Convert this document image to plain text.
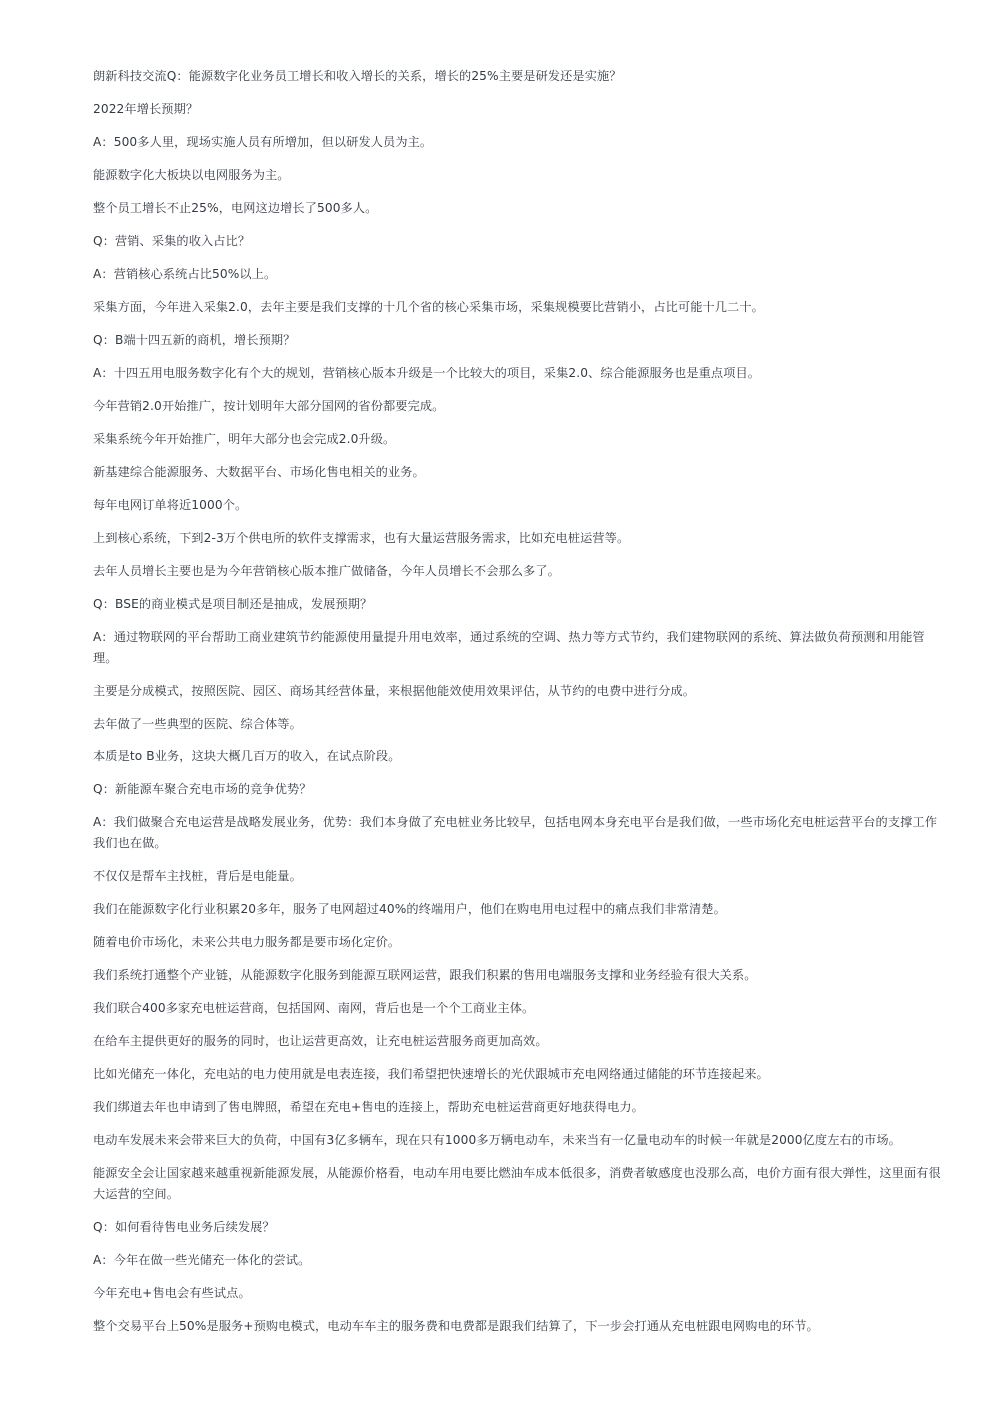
朗新科技交流Q：能源数字化业务员工增长和收入增长的关系，增长的25%主要是研发还是实施？

2022年增长预期？

A：500多人里，现场实施人员有所增加，但以研发人员为主。

能源数字化大板块以电网服务为主。

整个员工增长不止25%，电网这边增长了500多人。

Q：营销、采集的收入占比？

A：营销核心系统占比50%以上。

采集方面，今年进入采集2.0，去年主要是我们支撑的十几个省的核心采集市场，采集规模要比营销小，占比可能十几二十。

Q：B端十四五新的商机，增长预期？

A：十四五用电服务数字化有个大的规划，营销核心版本升级是一个比较大的项目，采集2.0、综合能源服务也是重点项目。

今年营销2.0开始推广，按计划明年大部分国网的省份都要完成。

采集系统今年开始推广，明年大部分也会完成2.0升级。

新基建综合能源服务、大数据平台、市场化售电相关的业务。

每年电网订单将近1000个。

上到核心系统，下到2-3万个供电所的软件支撑需求，也有大量运营服务需求，比如充电桩运营等。

去年人员增长主要也是为今年营销核心版本推广做储备，今年人员增长不会那么多了。

Q：BSE的商业模式是项目制还是抽成，发展预期？

A：通过物联网的平台帮助工商业建筑节约能源使用量提升用电效率，通过系统的空调、热力等方式节约，我们建物联网的系统、算法做负荷预测和用能管理。

主要是分成模式，按照医院、园区、商场其经营体量，来根据他能效使用效果评估，从节约的电费中进行分成。

去年做了一些典型的医院、综合体等。

本质是to B业务，这块大概几百万的收入，在试点阶段。

Q：新能源车聚合充电市场的竞争优势？

A：我们做聚合充电运营是战略发展业务，优势：我们本身做了充电桩业务比较早，包括电网本身充电平台是我们做，一些市场化充电桩运营平台的支撑工作我们也在做。

不仅仅是帮车主找桩，背后是电能量。

我们在能源数字化行业积累20多年，服务了电网超过40%的终端用户，他们在购电用电过程中的痛点我们非常清楚。

随着电价市场化，未来公共电力服务都是要市场化定价。

我们系统打通整个产业链，从能源数字化服务到能源互联网运营，跟我们积累的售用电端服务支撑和业务经验有很大关系。

我们联合400多家充电桩运营商，包括国网、南网，背后也是一个个工商业主体。

在给车主提供更好的服务的同时，也让运营更高效，让充电桩运营服务商更加高效。

比如光储充一体化，充电站的电力使用就是电表连接，我们希望把快速增长的光伏跟城市充电网络通过储能的环节连接起来。

我们绑道去年也申请到了售电牌照，希望在充电+售电的连接上，帮助充电桩运营商更好地获得电力。

电动车发展未来会带来巨大的负荷，中国有3亿多辆车，现在只有1000多万辆电动车，未来当有一亿量电动车的时候一年就是2000亿度左右的市场。

能源安全会让国家越来越重视新能源发展，从能源价格看，电动车用电要比燃油车成本低很多，消费者敏感度也没那么高，电价方面有很大弹性，这里面有很大运营的空间。

Q：如何看待售电业务后续发展？

A：今年在做一些光储充一体化的尝试。

今年充电+售电会有些试点。

整个交易平台上50%是服务+预购电模式，电动车车主的服务费和电费都是跟我们结算了，下一步会打通从充电桩跟电网购电的环节。
